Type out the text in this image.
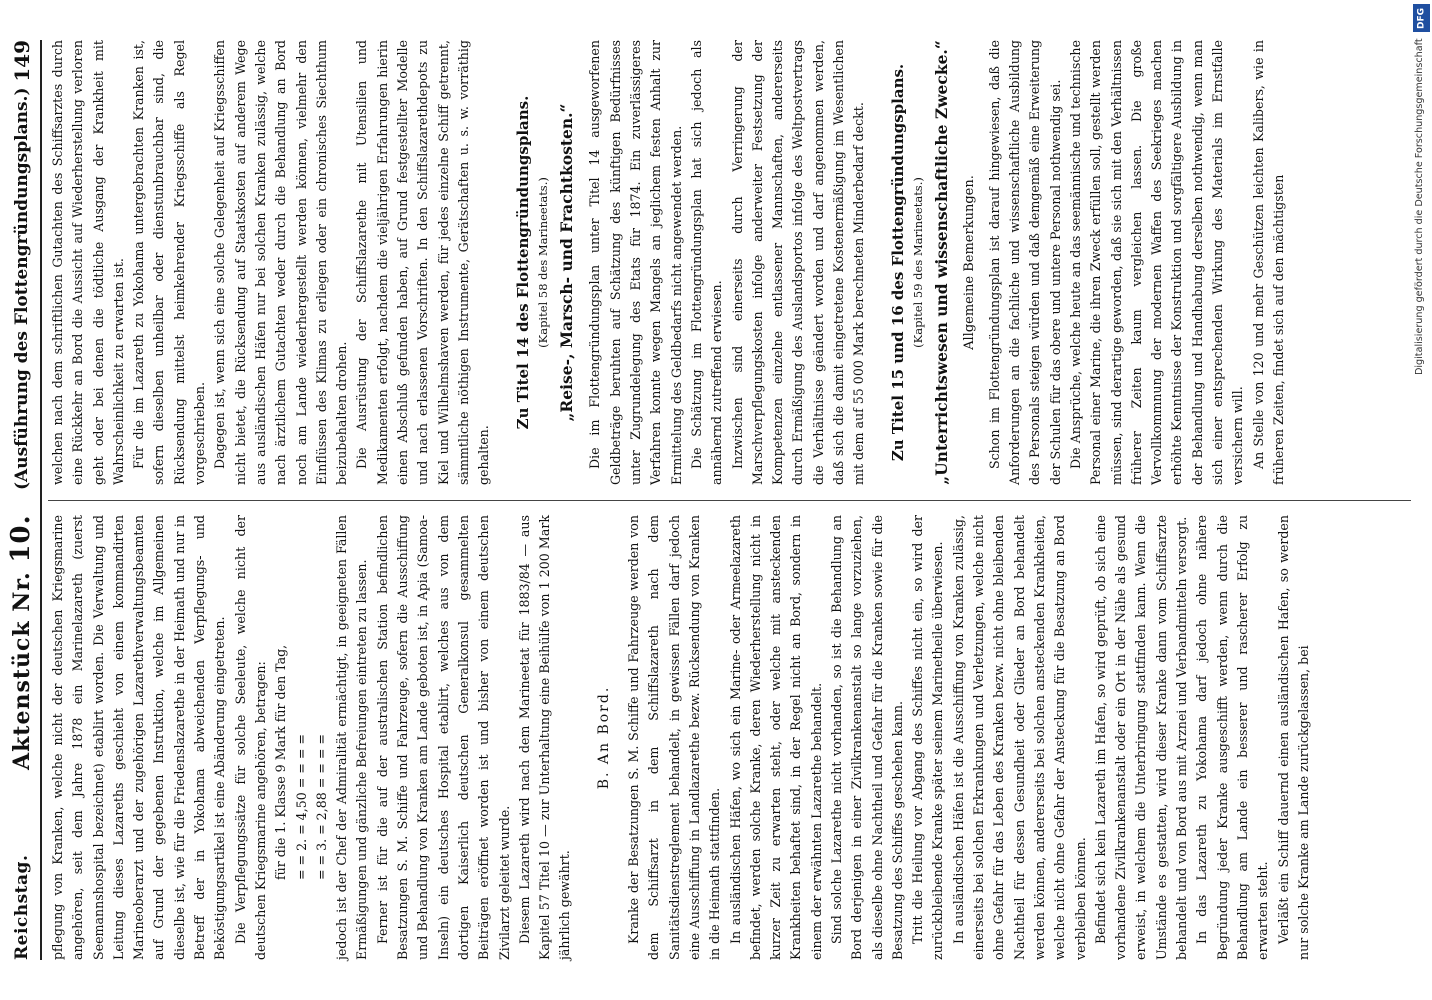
Reichstag.
Aktenstück Nr. 10.
(Ausführung des Flottengründungsplans.)
149

pflegung von Kranken, welche nicht der deutschen Kriegsmarine angehören, seit dem Jahre 1878 ein Marinelazareth (zuerst Seemannshospital bezeichnet) etablirt worden. Die Verwaltung und Leitung dieses Lazareths geschieht von einem kommandirten Marineoberarzt und der zugehörigen Lazarethverwaltungsbeamten auf Grund der gegebenen Instruktion, welche im Allgemeinen dieselbe ist, wie für die Friedenslazarethe in der Heimath und nur in Betreff der in Yokohama abweichenden Verpflegungs- und Beköstigungsartikel ist eine Abänderung eingetreten. Die Verpflegungssätze für solche Seeleute, welche nicht der deutschen Kriegsmarine angehören, betragen: für die 1. Klasse 9 Mark für den Tag, = = 2. = 4,50 = = = = = = 3. = 2,88 = = = = jedoch ist der Chef der Admiralität ermächtigt, in geeigneten Fällen Ermäßigungen und gänzliche Befreiungen eintreten zu lassen. Ferner ist für die auf der australischen Station befindlichen Besatzungen S. M. Schiffe und Fahrzeuge, sofern die Ausschiffung und Behandlung von Kranken am Lande geboten ist, in Apia (Samoa-Inseln) ein deutsches Hospital etablirt, welches aus von dem dortigen Kaiserlich deutschen Generalkonsul gesammelten Beiträgen eröffnet worden ist und bisher von einem deutschen Zivilarzt geleitet wurde. Diesem Lazareth wird nach dem Marineetat für 1883/84 — aus Kapitel 57 Titel 10 — zur Unterhaltung eine Beihülfe von 1 200 Mark jährlich gewährt.

B. An Bord. Kranke der Besatzungen S. M. Schiffe und Fahrzeuge werden von dem Schiffsarzt in dem Schiffslazareth nach dem Sanitätsdienstreglement behandelt, in gewissen Fällen darf jedoch eine Ausschiffung in Landlazarethe bezw. Rücksendung von Kranken in die Heimath stattfinden. In ausländischen Häfen, wo sich ein Marine- oder Armeelazareth befindet, werden solche Kranke, deren Wiederherstellung nicht in kurzer Zeit zu erwarten steht, oder welche mit ansteckenden Krankheiten behaftet sind, in der Regel nicht an Bord, sondern in einem der erwähnten Lazarethe behandelt. Sind solche Lazarethe nicht vorhanden, so ist die Behandlung an Bord derjenigen in einer Zivilkrankenanstalt so lange vorzuziehen, als dieselbe ohne Nachtheil und Gefahr für die Kranken sowie für die Besatzung des Schiffes geschehen kann. Tritt die Heilung vor Abgang des Schiffes nicht ein, so wird der zurückbleibende Kranke später seinem Marinetheile überwiesen. In ausländischen Häfen ist die Ausschiffung von Kranken zulässig, einerseits bei solchen Erkrankungen und Verletzungen, welche nicht ohne Gefahr für das Leben des Kranken bezw. nicht ohne bleibenden Nachtheil für dessen Gesundheit oder Glieder an Bord behandelt werden können, andererseits bei solchen ansteckenden Krankheiten, welche nicht ohne Gefahr der Ansteckung für die Besatzung an Bord verbleiben können. Befindet sich kein Lazareth im Hafen, so wird geprüft, ob sich eine vorhandene Zivilkrankenanstalt oder ein Ort in der Nähe als gesund erweist, in welchem die Unterbringung stattfinden kann. Wenn die Umstände es gestatten, wird dieser Kranke dann vom Schiffsarzte behandelt und von Bord aus mit Arznei und Verbandmitteln versorgt. In das Lazareth zu Yokohama darf jedoch ohne nähere Begründung jeder Kranke ausgeschifft werden, wenn durch die Behandlung am Lande ein besserer und rascherer Erfolg zu erwarten steht. Verläßt ein Schiff dauernd einen ausländischen Hafen, so werden nur solche Kranke am Lande zurückgelassen, bei

welchen nach dem schriftlichen Gutachten des Schiffsarztes durch eine Rückkehr an Bord die Aussicht auf Wiederherstellung verloren geht oder bei denen die tödtliche Ausgang der Krankheit mit Wahrscheinlichkeit zu erwarten ist. Für die im Lazareth zu Yokohama untergebrachten Kranken ist, sofern dieselben unheilbar oder dienstunbrauchbar sind, die Rücksendung mittelst heimkehrender Kriegsschiffe als Regel vorgeschrieben. Dagegen ist, wenn sich eine solche Gelegenheit auf Kriegsschiffen nicht bietet, die Rücksendung auf Staatskosten auf anderem Wege aus ausländischen Häfen nur bei solchen Kranken zulässig, welche nach ärztlichem Gutachten weder durch die Behandlung an Bord noch am Lande wiederhergestellt werden können, vielmehr den Einflüssen des Klimas zu erliegen oder ein chronisches Siechthum beizubehalten drohen. Die Ausrüstung der Schiffslazarethe mit Utensilien und Medikamenten erfolgt, nachdem die vieljährigen Erfahrungen hierin einen Abschluß gefunden haben, auf Grund festgestellter Modelle und nach erlassenen Vorschriften. In den Schiffslazarethdepots zu Kiel und Wilhelmshaven werden, für jedes einzelne Schiff getrennt, sämmtliche nöthigen Instrumente, Gerätschaften u. s. w. vorräthig gehalten.

Zu Titel 14 des Flottengründungsplans. (Kapitel 58 des Marineetats.) „Reise-, Marsch- und Frachtkosten.“ Die im Flottengründungsplan unter Titel 14 ausgeworfenen Geldbeträge beruhten auf Schätzung des künftigen Bedürfnisses unter Zugrundelegung des Etats für 1874. Ein zuverlässigeres Verfahren konnte wegen Mangels an jeglichem festen Anhalt zur Ermittelung des Geldbedarfs nicht angewendet werden. Die Schätzung im Flottengründungsplan hat sich jedoch als annähernd zutreffend erwiesen. Inzwischen sind einerseits durch Verringerung der Marschverpflegungskosten infolge anderweiter Festsetzung der Kompetenzen einzelne entlassener Mannschaften, andererseits durch Ermäßigung des Auslandsportos infolge des Weltpostvertrags die Verhältnisse geändert worden und darf angenommen werden, daß sich die damit eingetretene Kostenermäßigung im Wesentlichen mit dem auf 55 000 Mark berechneten Minderbedarf deckt. Zu Titel 15 und 16 des Flottengründungsplans. (Kapitel 59 des Marineetats.) „Unterrichtswesen und wissenschaftliche Zwecke.“ Allgemeine Bemerkungen. Schon im Flottengründungsplan ist darauf hingewiesen, daß die Anforderungen an die fachliche und wissenschaftliche Ausbildung des Personals steigen würden und daß demgemäß eine Erweiterung der Schulen für das obere und untere Personal nothwendig sei. Die Ansprüche, welche heute an das seemännische und technische Personal einer Marine, die ihren Zweck erfüllen soll, gestellt werden müssen, sind derartige geworden, daß sie sich mit den Verhältnissen früherer Zeiten kaum vergleichen lassen. Die große Vervollkommnung der modernen Waffen des Seekrieges machen erhöhte Kenntnisse der Konstruktion und sorgfältigere Ausbildung in der Behandlung und Handhabung derselben nothwendig, wenn man sich einer entsprechenden Wirkung des Materials im Ernstfalle versichern will. An Stelle von 120 und mehr Geschützen leichten Kalibers, wie in früheren Zeiten, findet sich auf den mächtigsten

DFG
Digitalisierung gefördert durch die Deutsche Forschungsgemeinschaft
